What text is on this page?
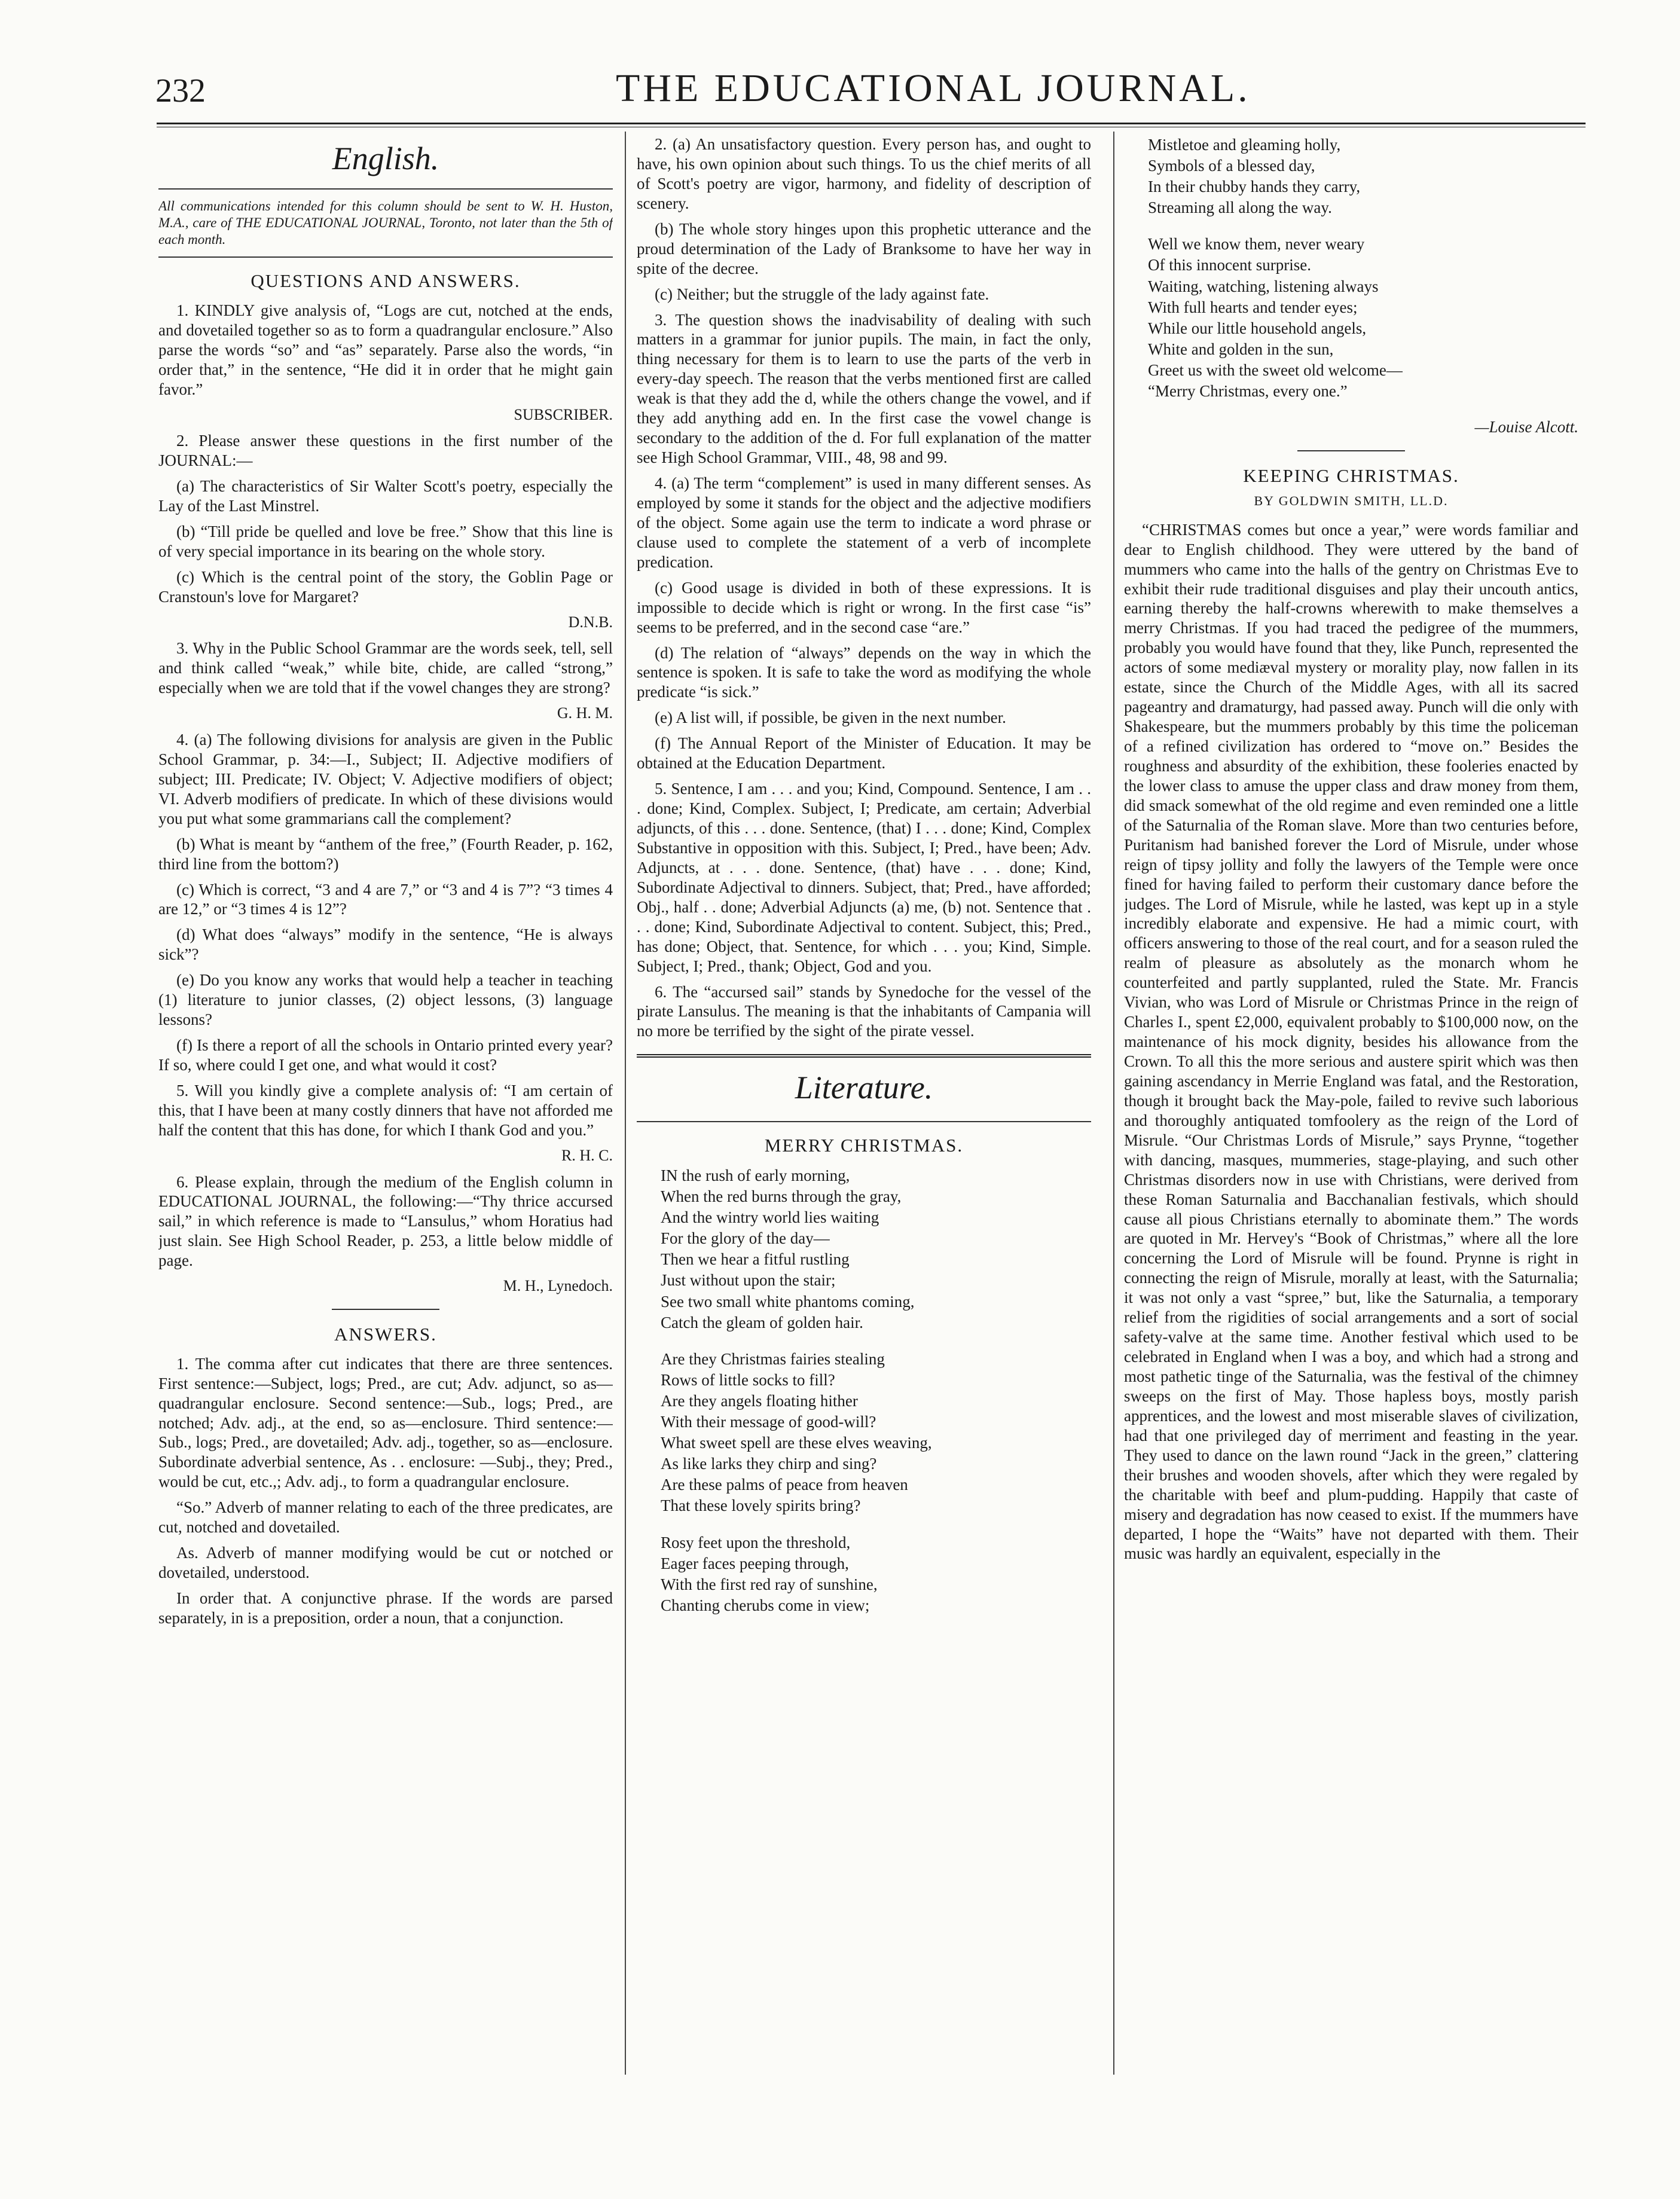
232	THE EDUCATIONAL JOURNAL.
English.
All communications intended for this column should be sent to W. H. Huston, M.A., care of THE EDUCATIONAL JOURNAL, Toronto, not later than the 5th of each month.
QUESTIONS AND ANSWERS.

1. KINDLY give analysis of, “Logs are cut, notched at the ends, and dovetailed together so as to form a quadrangular enclosure.” Also parse the words “so” and “as” separately. Parse also the words, “in order that,” in the sentence, “He did it in order that he might gain favor.”

SUBSCRIBER.

2. Please answer these questions in the first number of the JOURNAL:—

(a) The characteristics of Sir Walter Scott's poetry, especially the Lay of the Last Minstrel.

(b) “Till pride be quelled and love be free.” Show that this line is of very special importance in its bearing on the whole story.

(c) Which is the central point of the story, the Goblin Page or Cranstoun's love for Margaret?

D.N.B.

3. Why in the Public School Grammar are the words seek, tell, sell and think called “weak,” while bite, chide, are called “strong,” especially when we are told that if the vowel changes they are strong?

G. H. M.

4. (a) The following divisions for analysis are given in the Public School Grammar, p. 34:—I., Subject; II. Adjective modifiers of subject; III. Predicate; IV. Object; V. Adjective modifiers of object; VI. Adverb modifiers of predicate. In which of these divisions would you put what some grammarians call the complement?

(b) What is meant by “anthem of the free,” (Fourth Reader, p. 162, third line from the bottom?)

(c) Which is correct, “3 and 4 are 7,” or “3 and 4 is 7”? “3 times 4 are 12,” or “3 times 4 is 12”?

(d) What does “always” modify in the sentence, “He is always sick”?

(e) Do you know any works that would help a teacher in teaching (1) literature to junior classes, (2) object lessons, (3) language lessons?

(f) Is there a report of all the schools in Ontario printed every year? If so, where could I get one, and what would it cost?

5. Will you kindly give a complete analysis of: “I am certain of this, that I have been at many costly dinners that have not afforded me half the content that this has done, for which I thank God and you.”

R. H. C.

6. Please explain, through the medium of the English column in EDUCATIONAL JOURNAL, the following:—“Thy thrice accursed sail,” in which reference is made to “Lansulus,” whom Horatius had just slain. See High School Reader, p. 253, a little below middle of page.

M. H., Lynedoch.
ANSWERS.

1. The comma after cut indicates that there are three sentences. First sentence:—Subject, logs; Pred., are cut; Adv. adjunct, so as—quadrangular enclosure. Second sentence:—Sub., logs; Pred., are notched; Adv. adj., at the end, so as—enclosure. Third sentence:—Sub., logs; Pred., are dovetailed; Adv. adj., together, so as—enclosure. Subordinate adverbial sentence, As . . enclosure: —Subj., they; Pred., would be cut, etc.,; Adv. adj., to form a quadrangular enclosure.

“So.” Adverb of manner relating to each of the three predicates, are cut, notched and dovetailed.

As. Adverb of manner modifying would be cut or notched or dovetailed, understood.

In order that. A conjunctive phrase. If the words are parsed separately, in is a preposition, order a noun, that a conjunction.

2. (a) An unsatisfactory question. Every person has, and ought to have, his own opinion about such things. To us the chief merits of all of Scott's poetry are vigor, harmony, and fidelity of description of scenery.

(b) The whole story hinges upon this prophetic utterance and the proud determination of the Lady of Branksome to have her way in spite of the decree.

(c) Neither; but the struggle of the lady against fate.

3. The question shows the inadvisability of dealing with such matters in a grammar for junior pupils. The main, in fact the only, thing necessary for them is to learn to use the parts of the verb in every-day speech. The reason that the verbs mentioned first are called weak is that they add the d, while the others change the vowel, and if they add anything add en. In the first case the vowel change is secondary to the addition of the d. For full explanation of the matter see High School Grammar, VIII., 48, 98 and 99.

4. (a) The term “complement” is used in many different senses. As employed by some it stands for the object and the adjective modifiers of the object. Some again use the term to indicate a word phrase or clause used to complete the statement of a verb of incomplete predication.

(c) Good usage is divided in both of these expressions. It is impossible to decide which is right or wrong. In the first case “is” seems to be preferred, and in the second case “are.”

(d) The relation of “always” depends on the way in which the sentence is spoken. It is safe to take the word as modifying the whole predicate “is sick.”

(e) A list will, if possible, be given in the next number.

(f) The Annual Report of the Minister of Education. It may be obtained at the Education Department.

5. Sentence, I am . . . and you; Kind, Compound. Sentence, I am . . . done; Kind, Complex. Subject, I; Predicate, am certain; Adverbial adjuncts, of this . . . done. Sentence, (that) I . . . done; Kind, Complex Substantive in opposition with this. Subject, I; Pred., have been; Adv. Adjuncts, at . . . done. Sentence, (that) have . . . done; Kind, Subordinate Adjectival to dinners. Subject, that; Pred., have afforded; Obj., half . . done; Adverbial Adjuncts (a) me, (b) not. Sentence that . . . done; Kind, Subordinate Adjectival to content. Subject, this; Pred., has done; Object, that. Sentence, for which . . . you; Kind, Simple. Subject, I; Pred., thank; Object, God and you.

6. The “accursed sail” stands by Synedoche for the vessel of the pirate Lansulus. The meaning is that the inhabitants of Campania will no more be terrified by the sight of the pirate vessel.

Literature.
MERRY CHRISTMAS.
IN the rush of early morning,
When the red burns through the gray,
And the wintry world lies waiting
For the glory of the day—
Then we hear a fitful rustling
Just without upon the stair;
See two small white phantoms coming,
Catch the gleam of golden hair.
Are they Christmas fairies stealing
Rows of little socks to fill?
Are they angels floating hither
With their message of good-will?
What sweet spell are these elves weaving,
As like larks they chirp and sing?
Are these palms of peace from heaven
That these lovely spirits bring?
Rosy feet upon the threshold,
Eager faces peeping through,
With the first red ray of sunshine,
Chanting cherubs come in view;
Mistletoe and gleaming holly,
Symbols of a blessed day,
In their chubby hands they carry,
Streaming all along the way.
Well we know them, never weary
Of this innocent surprise.
Waiting, watching, listening always
With full hearts and tender eyes;
While our little household angels,
White and golden in the sun,
Greet us with the sweet old welcome—
“Merry Christmas, every one.”
—Louise Alcott.
KEEPING CHRISTMAS.
BY GOLDWIN SMITH, LL.D.

“CHRISTMAS comes but once a year,” were words familiar and dear to English childhood. They were uttered by the band of mummers who came into the halls of the gentry on Christmas Eve to exhibit their rude traditional disguises and play their uncouth antics, earning thereby the half-crowns wherewith to make themselves a merry Christmas. If you had traced the pedigree of the mummers, probably you would have found that they, like Punch, represented the actors of some mediæval mystery or morality play, now fallen in its estate, since the Church of the Middle Ages, with all its sacred pageantry and dramaturgy, had passed away. Punch will die only with Shakespeare, but the mummers probably by this time the policeman of a refined civilization has ordered to “move on.” Besides the roughness and absurdity of the exhibition, these fooleries enacted by the lower class to amuse the upper class and draw money from them, did smack somewhat of the old regime and even reminded one a little of the Saturnalia of the Roman slave. More than two centuries before, Puritanism had banished forever the Lord of Misrule, under whose reign of tipsy jollity and folly the lawyers of the Temple were once fined for having failed to perform their customary dance before the judges. The Lord of Misrule, while he lasted, was kept up in a style incredibly elaborate and expensive. He had a mimic court, with officers answering to those of the real court, and for a season ruled the realm of pleasure as absolutely as the monarch whom he counterfeited and partly supplanted, ruled the State. Mr. Francis Vivian, who was Lord of Misrule or Christmas Prince in the reign of Charles I., spent £2,000, equivalent probably to $100,000 now, on the maintenance of his mock dignity, besides his allowance from the Crown. To all this the more serious and austere spirit which was then gaining ascendancy in Merrie England was fatal, and the Restoration, though it brought back the May-pole, failed to revive such laborious and thoroughly antiquated tomfoolery as the reign of the Lord of Misrule. “Our Christmas Lords of Misrule,” says Prynne, “together with dancing, masques, mummeries, stage-playing, and such other Christmas disorders now in use with Christians, were derived from these Roman Saturnalia and Bacchanalian festivals, which should cause all pious Christians eternally to abominate them.” The words are quoted in Mr. Hervey's “Book of Christmas,” where all the lore concerning the Lord of Misrule will be found. Prynne is right in connecting the reign of Misrule, morally at least, with the Saturnalia; it was not only a vast “spree,” but, like the Saturnalia, a temporary relief from the rigidities of social arrangements and a sort of social safety-valve at the same time. Another festival which used to be celebrated in England when I was a boy, and which had a strong and most pathetic tinge of the Saturnalia, was the festival of the chimney sweeps on the first of May. Those hapless boys, mostly parish apprentices, and the lowest and most miserable slaves of civilization, had that one privileged day of merriment and feasting in the year. They used to dance on the lawn round “Jack in the green,” clattering their brushes and wooden shovels, after which they were regaled by the charitable with beef and plum-pudding. Happily that caste of misery and degradation has now ceased to exist. If the mummers have departed, I hope the “Waits” have not departed with them. Their music was hardly an equivalent, especially in the
